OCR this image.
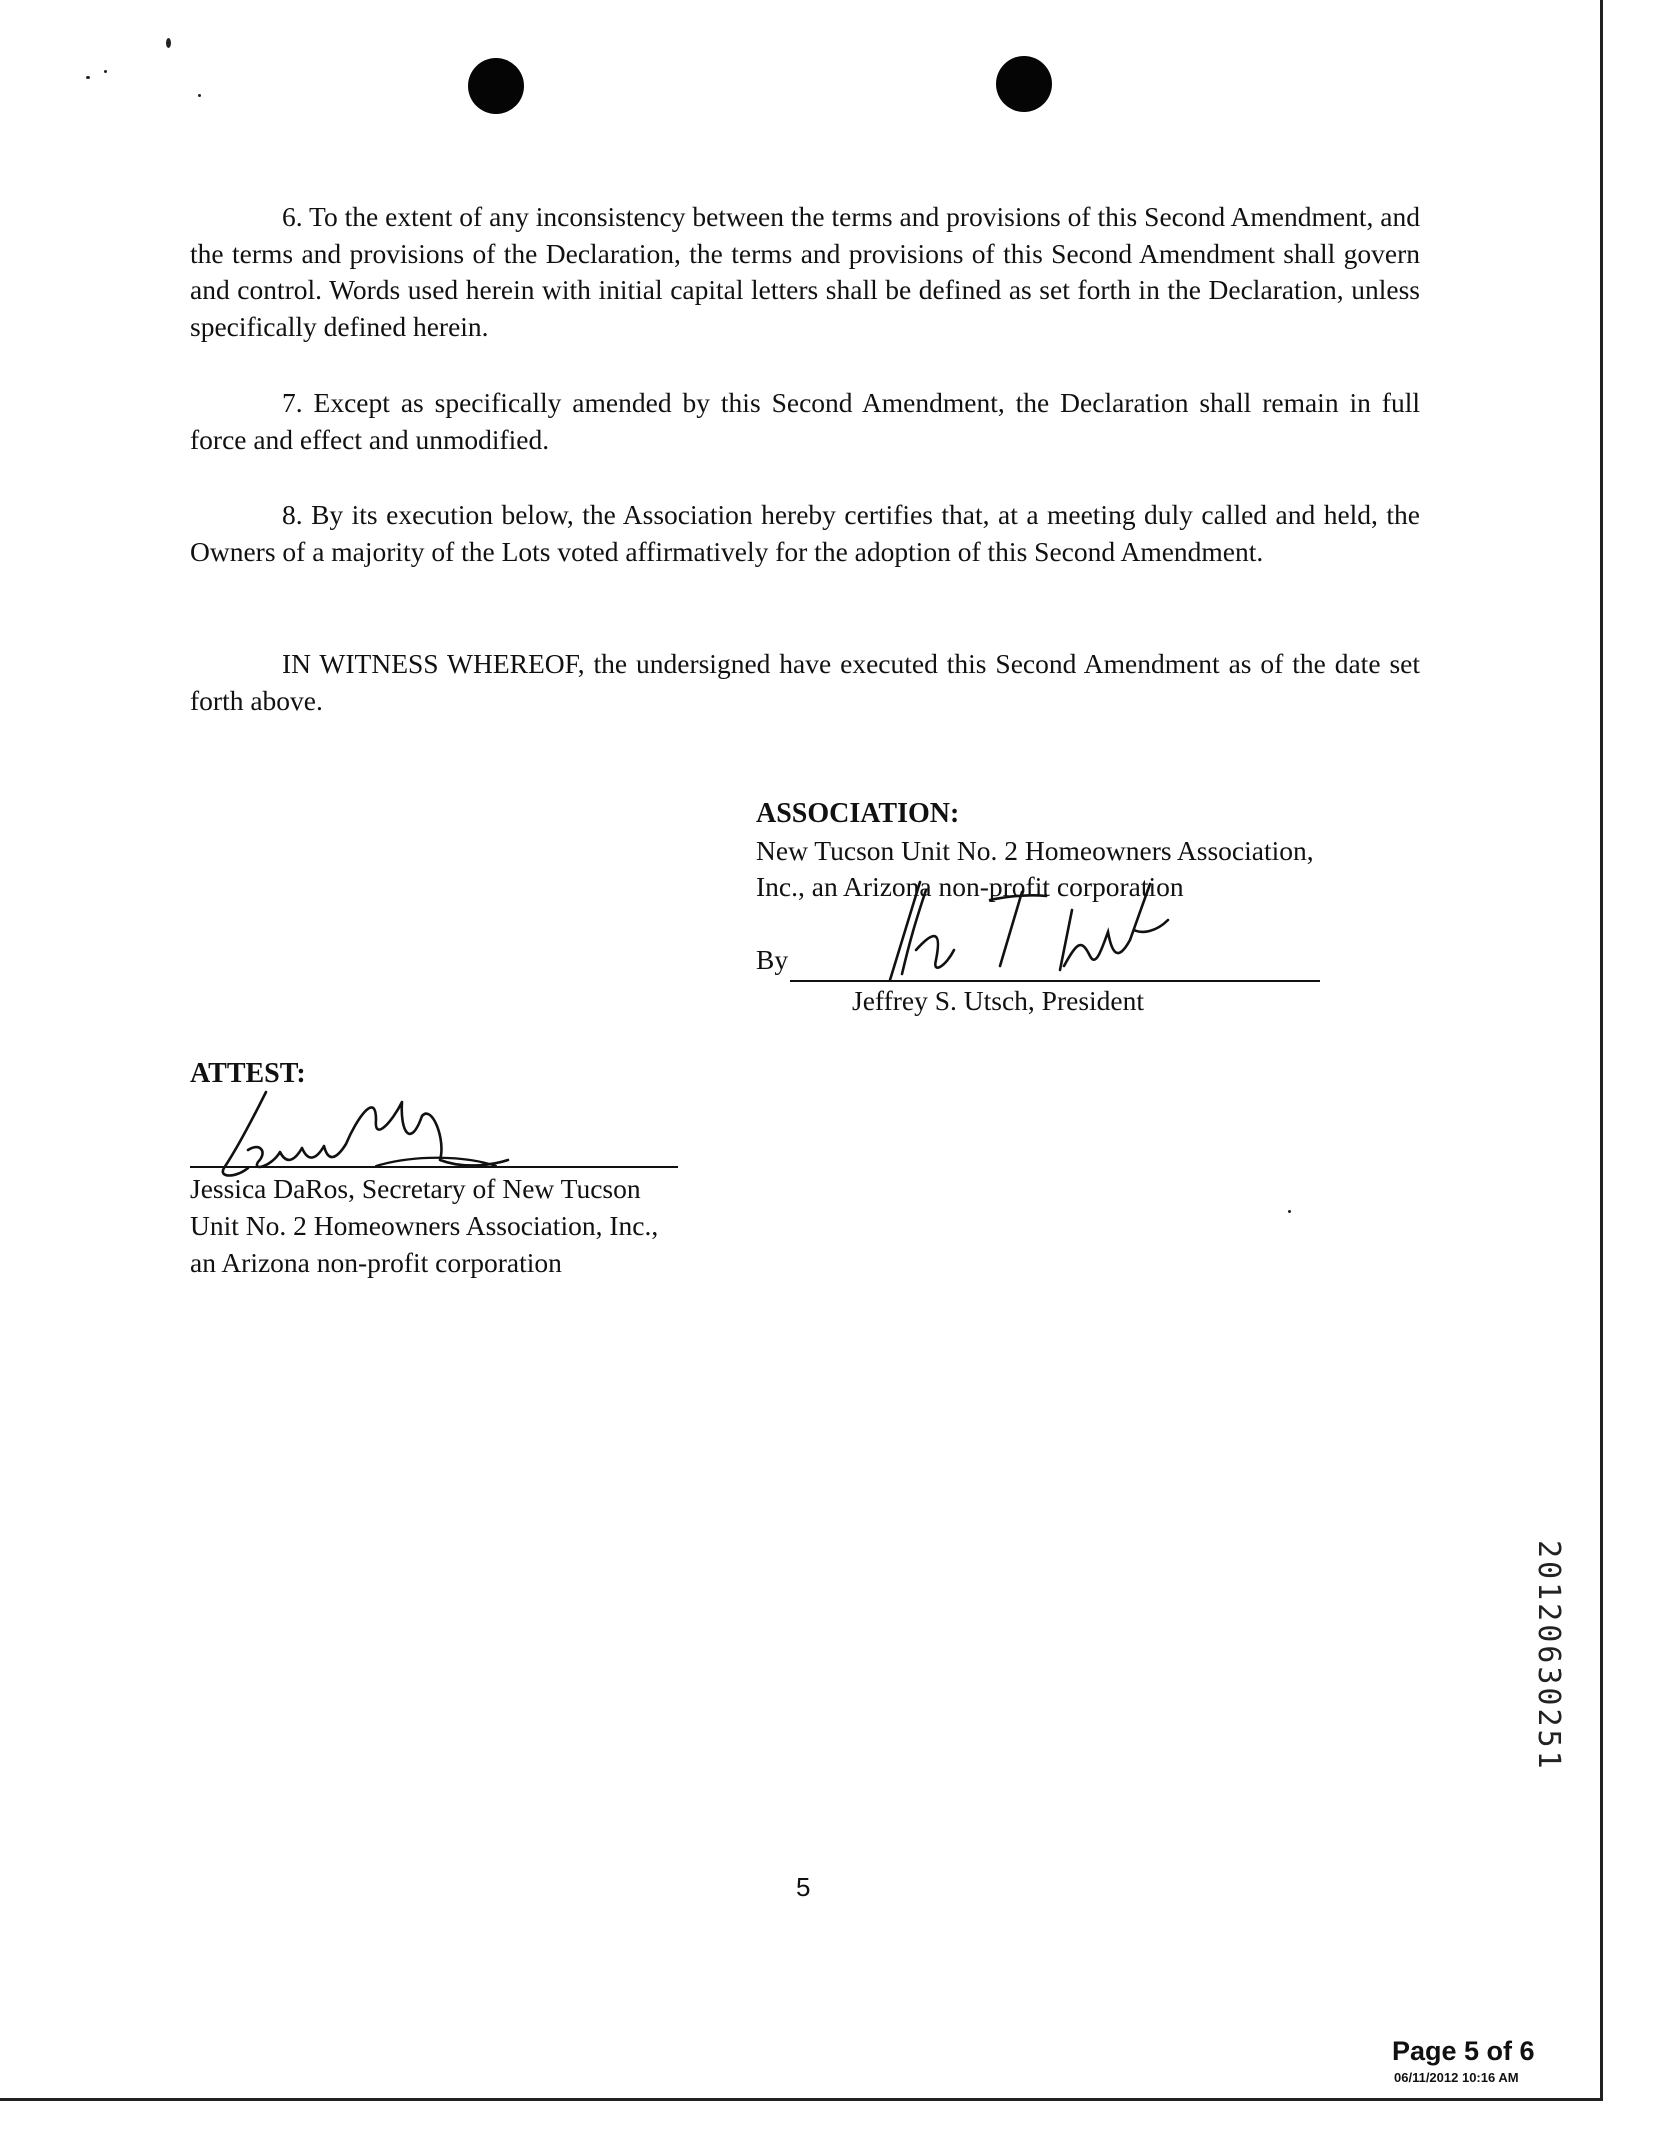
6. To the extent of any inconsistency between the terms and provisions of this Second Amendment, and the terms and provisions of the Declaration, the terms and provisions of this Second Amendment shall govern and control. Words used herein with initial capital letters shall be defined as set forth in the Declaration, unless specifically defined herein.

7. Except as specifically amended by this Second Amendment, the Declaration shall remain in full force and effect and unmodified.

8. By its execution below, the Association hereby certifies that, at a meeting duly called and held, the Owners of a majority of the Lots voted affirmatively for the adoption of this Second Amendment.

IN WITNESS WHEREOF, the undersigned have executed this Second Amendment as of the date set forth above.

ASSOCIATION:
New Tucson Unit No. 2 Homeowners Association,
Inc., an Arizona non-profit corporation
By
Jeffrey S. Utsch, President
ATTEST:
Jessica DaRos, Secretary of New Tucson
Unit No. 2 Homeowners Association, Inc.,
an Arizona non-profit corporation
5
20120630251
Page 5 of 6
06/11/2012 10:16 AM
